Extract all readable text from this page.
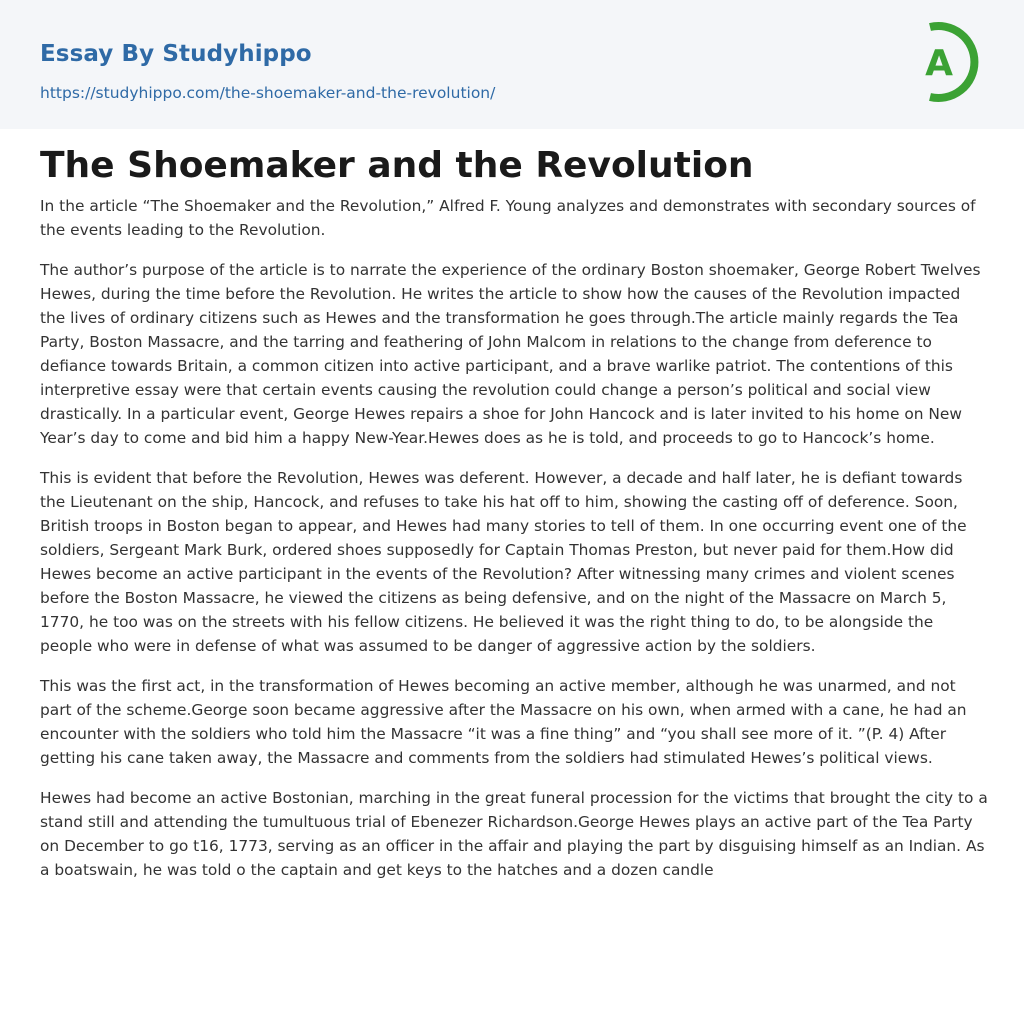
Essay By Studyhippo
https://studyhippo.com/the-shoemaker-and-the-revolution/
A
The Shoemaker and the Revolution

In the article “The Shoemaker and the Revolution,” Alfred F. Young analyzes and demonstrates with secondary sources of the events leading to the Revolution.

The author’s purpose of the article is to narrate the experience of the ordinary Boston shoemaker, George Robert Twelves Hewes, during the time before the Revolution. He writes the article to show how the causes of the Revolution impacted the lives of ordinary citizens such as Hewes and the transformation he goes through.The article mainly regards the Tea Party, Boston Massacre, and the tarring and feathering of John Malcom in relations to the change from deference to defiance towards Britain, a common citizen into active participant, and a brave warlike patriot. The contentions of this interpretive essay were that certain events causing the revolution could change a person’s political and social view drastically. In a particular event, George Hewes repairs a shoe for John Hancock and is later invited to his home on New Year’s day to come and bid him a happy New-Year.Hewes does as he is told, and proceeds to go to Hancock’s home.

This is evident that before the Revolution, Hewes was deferent. However, a decade and half later, he is defiant towards the Lieutenant on the ship, Hancock, and refuses to take his hat off to him, showing the casting off of deference. Soon, British troops in Boston began to appear, and Hewes had many stories to tell of them. In one occurring event one of the soldiers, Sergeant Mark Burk, ordered shoes supposedly for Captain Thomas Preston, but never paid for them.How did Hewes become an active participant in the events of the Revolution? After witnessing many crimes and violent scenes before the Boston Massacre, he viewed the citizens as being defensive, and on the night of the Massacre on March 5, 1770, he too was on the streets with his fellow citizens. He believed it was the right thing to do, to be alongside the people who were in defense of what was assumed to be danger of aggressive action by the soldiers.

This was the first act, in the transformation of Hewes becoming an active member, although he was unarmed, and not part of the scheme.George soon became aggressive after the Massacre on his own, when armed with a cane, he had an encounter with the soldiers who told him the Massacre “it was a fine thing” and “you shall see more of it. ”(P. 4) After getting his cane taken away, the Massacre and comments from the soldiers had stimulated Hewes’s political views.

Hewes had become an active Bostonian, marching in the great funeral procession for the victims that brought the city to a stand still and attending the tumultuous trial of Ebenezer Richardson.George Hewes plays an active part of the Tea Party on December to go t16, 1773, serving as an officer in the affair and playing the part by disguising himself as an Indian. As a boatswain, he was told o the captain and get keys to the hatches and a dozen candle
